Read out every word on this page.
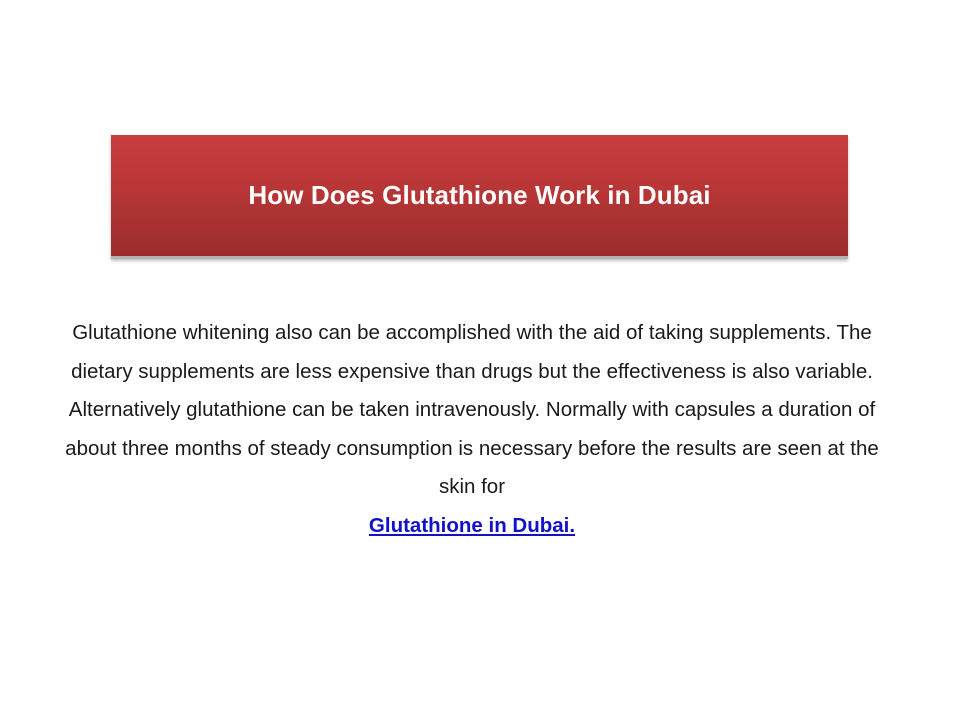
How Does Glutathione Work in Dubai
Glutathione whitening also can be accomplished with the aid of taking supplements. The dietary supplements are less expensive than drugs but the effectiveness is also variable. Alternatively glutathione can be taken intravenously. Normally with capsules a duration of about three months of steady consumption is necessary before the results are seen at the skin for
Glutathione in Dubai.
